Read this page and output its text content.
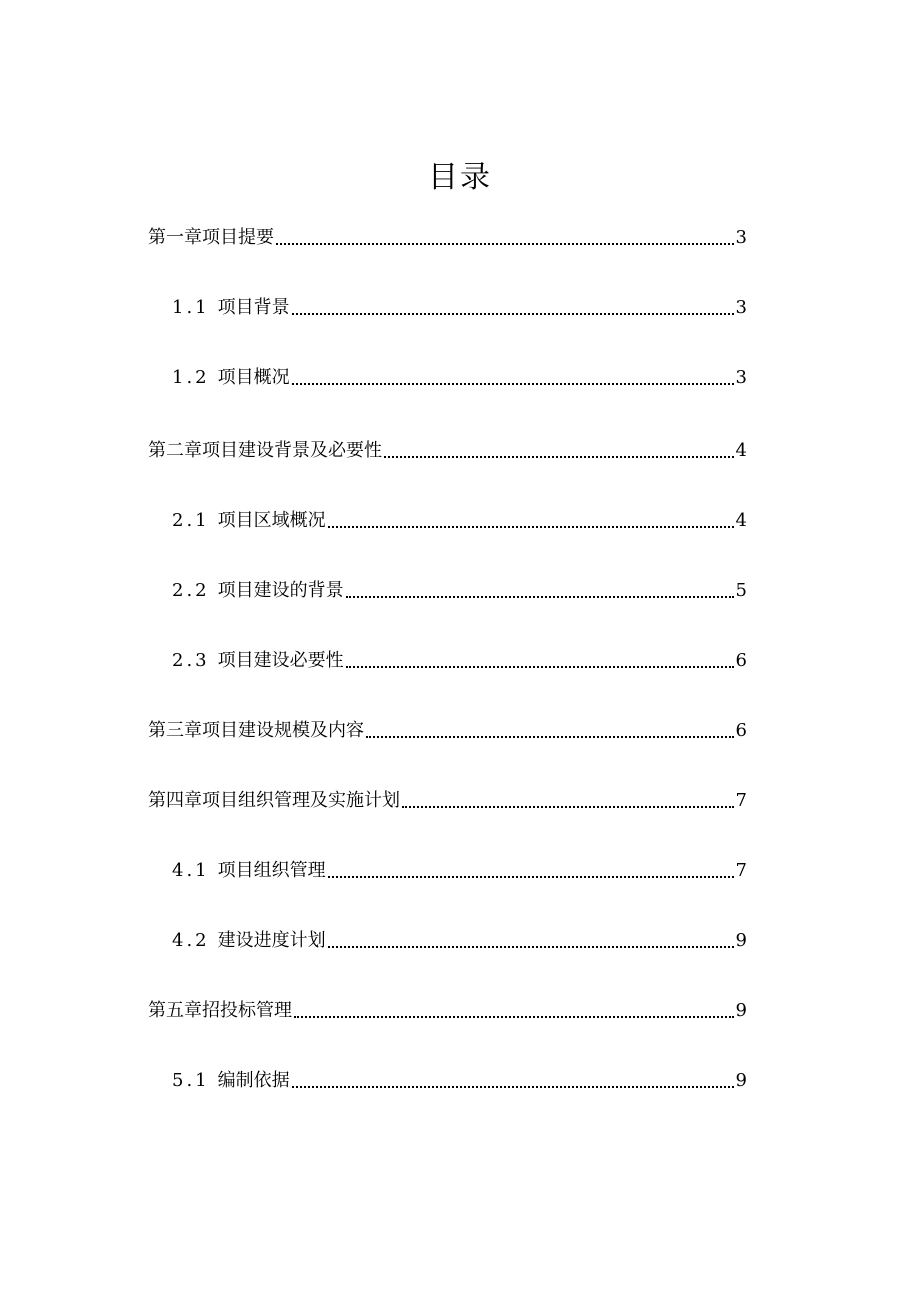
目录
第一章项目提要	3
1.1 项目背景	3
1.2 项目概况	3
第二章项目建设背景及必要性	4
2.1 项目区域概况	4
2.2 项目建设的背景	5
2.3 项目建设必要性	6
第三章项目建设规模及内容	6
第四章项目组织管理及实施计划	7
4.1 项目组织管理	7
4.2 建设进度计划	9
第五章招投标管理	9
5.1 编制依据	9
